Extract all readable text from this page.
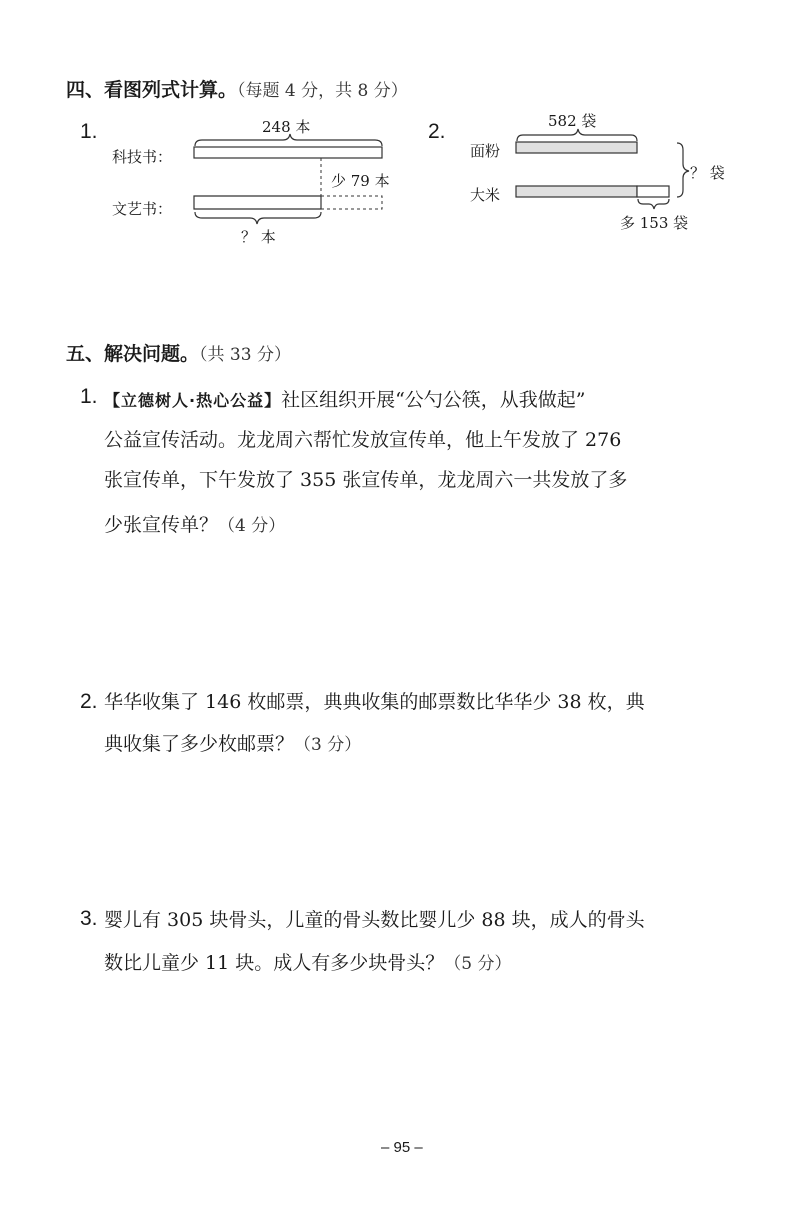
四、看图列式计算。（每题 4 分，共 8 分）
1.
科技书：
文艺书：
248 本
少 79 本
？ 本
2.
面粉
大米
582 袋
多 153 袋
？ 袋
五、解决问题。（共 33 分）
1. 【立德树人·热心公益】社区组织开展“公勺公筷，从我做起”
公益宣传活动。龙龙周六帮忙发放宣传单，他上午发放了 276
张宣传单，下午发放了 355 张宣传单，龙龙周六一共发放了多
少张宣传单？（4 分）
2. 华华收集了 146 枚邮票，典典收集的邮票数比华华少 38 枚，典
典收集了多少枚邮票？（3 分）
3. 婴儿有 305 块骨头，儿童的骨头数比婴儿少 88 块，成人的骨头
数比儿童少 11 块。成人有多少块骨头？（5 分）
– 95 –
